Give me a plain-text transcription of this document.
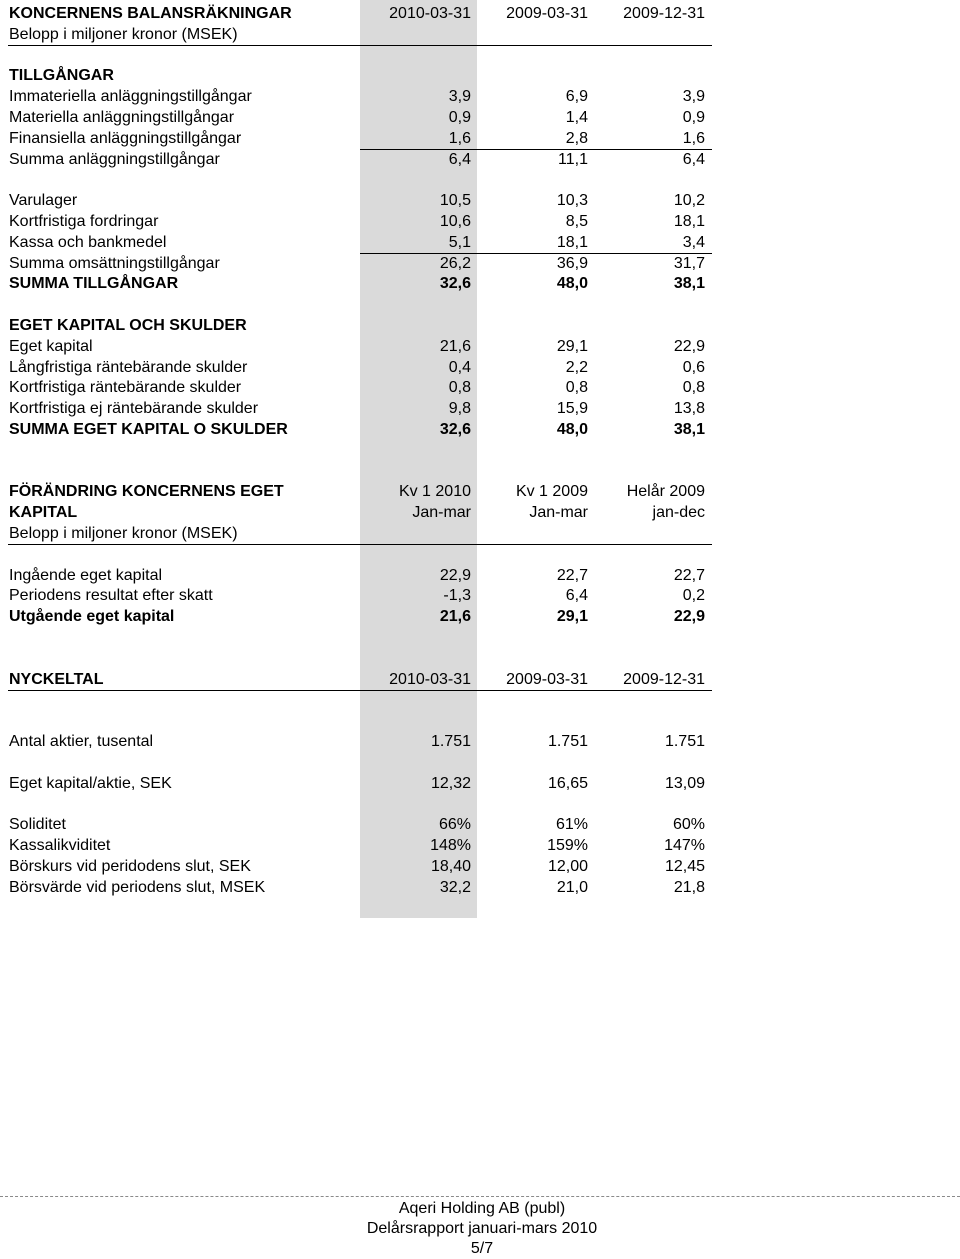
KONCERNENS BALANSRÄKNINGAR	2010-03-31	2009-03-31	2009-12-31
Belopp i miljoner kronor (MSEK)
TILLGÅNGAR
Immateriella anläggningstillgångar	3,9	6,9	3,9
Materiella anläggningstillgångar	0,9	1,4	0,9
Finansiella anläggningstillgångar	1,6	2,8	1,6
Summa anläggningstillgångar	6,4	11,1	6,4
Varulager	10,5	10,3	10,2
Kortfristiga fordringar	10,6	8,5	18,1
Kassa och bankmedel	5,1	18,1	3,4
Summa omsättningstillgångar	26,2	36,9	31,7
SUMMA TILLGÅNGAR	32,6	48,0	38,1
EGET KAPITAL OCH SKULDER
Eget kapital	21,6	29,1	22,9
Långfristiga räntebärande skulder	0,4	2,2	0,6
Kortfristiga räntebärande skulder	0,8	0,8	0,8
Kortfristiga ej räntebärande skulder	9,8	15,9	13,8
SUMMA EGET KAPITAL O SKULDER	32,6	48,0	38,1
FÖRÄNDRING KONCERNENS EGET	Kv 1 2010	Kv 1 2009	Helår 2009
KAPITAL	Jan-mar	Jan-mar	jan-dec
Belopp i miljoner kronor (MSEK)
Ingående eget kapital	22,9	22,7	22,7
Periodens resultat efter skatt	-1,3	6,4	0,2
Utgående eget kapital	21,6	29,1	22,9
NYCKELTAL	2010-03-31	2009-03-31	2009-12-31
Antal aktier, tusental	1.751	1.751	1.751
Eget kapital/aktie, SEK	12,32	16,65	13,09
Soliditet	66%	61%	60%
Kassalikviditet	148%	159%	147%
Börskurs vid peridodens slut, SEK	18,40	12,00	12,45
Börsvärde vid periodens slut, MSEK	32,2	21,0	21,8
Aqeri Holding AB (publ)
Delårsrapport januari-mars 2010
5/7
